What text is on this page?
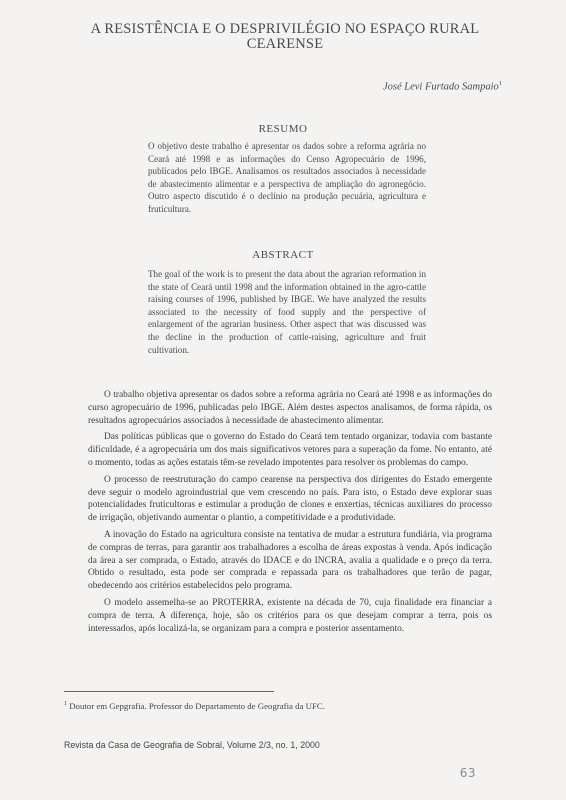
A RESISTÊNCIA E O DESPRIVILÉGIO NO ESPAÇO RURAL CEARENSE
José Levi Furtado Sampaio$^1$
RESUMO

O objetivo deste trabalho é apresentar os dados sobre a reforma agrária no Ceará até 1998 e as informações do Censo Agropecuário de 1996, publicados pelo IBGE. Analisamos os resultados associados à necessidade de abastecimento alimentar e a perspectiva de ampliação do agronegócio. Outro aspecto discutido é o declínio na produção pecuária, agricultura e fruticultura.

ABSTRACT

The goal of the work is to present the data about the agrarian reformation in the state of Ceará until 1998 and the information obtained in the agro-cattle raising courses of 1996, published by IBGE. We have analyzed the results associated to the necessity of food supply and the perspective of enlargement of the agrarian business. Other aspect that was discussed was the decline in the production of cattle-raising, agriculture and fruit cultivation.

O trabalho objetiva apresentar os dados sobre a reforma agrária no Ceará até 1998 e as informações do curso agropecuário de 1996, publicadas pelo IBGE. Além destes aspectos analisamos, de forma rápida, os resultados agropecuários associados à necessidade de abastecimento alimentar.

Das políticas públicas que o governo do Estado do Ceará tem tentado organizar, todavia com bastante dificuldade, é a agropecuária um dos mais significativos vetores para a superação da fome. No entanto, até o momento, todas as ações estatais têm-se revelado impotentes para resolver os problemas do campo.

O processo de reestruturação do campo cearense na perspectiva dos dirigentes do Estado emergente deve seguir o modelo agroindustrial que vem crescendo no país. Para isto, o Estado deve explorar suas potencialidades fruticultoras e estimular a produção de clones e enxertias, técnicas auxiliares do processo de irrigação, objetivando aumentar o plantio, a competitividade e a produtividade.

A inovação do Estado na agricultura consiste na tentativa de mudar a estrutura fundiária, via programa de compras de terras, para garantir aos trabalhadores a escolha de áreas expostas à venda. Após indicação da área a ser comprada, o Estado, através do IDACE e do INCRA, avalia a qualidade e o preço da terra. Obtido o resultado, esta pode ser comprada e repassada para os trabalhadores que terão de pagar, obedecendo aos critérios estabelecidos pelo programa.

O modelo assemelha-se ao PROTERRA, existente na década de 70, cuja finalidade era financiar a compra de terra. A diferença, hoje, são os critérios para os que desejam comprar a terra, pois os interessados, após localizá-la, se organizam para a compra e posterior assentamento.

$^1$ Doutor em Gepgrafia. Professor do Departamento de Geografia da UFC.
Revista da Casa de Geografia de Sobral, Volume 2/3, no. 1, 2000
63
